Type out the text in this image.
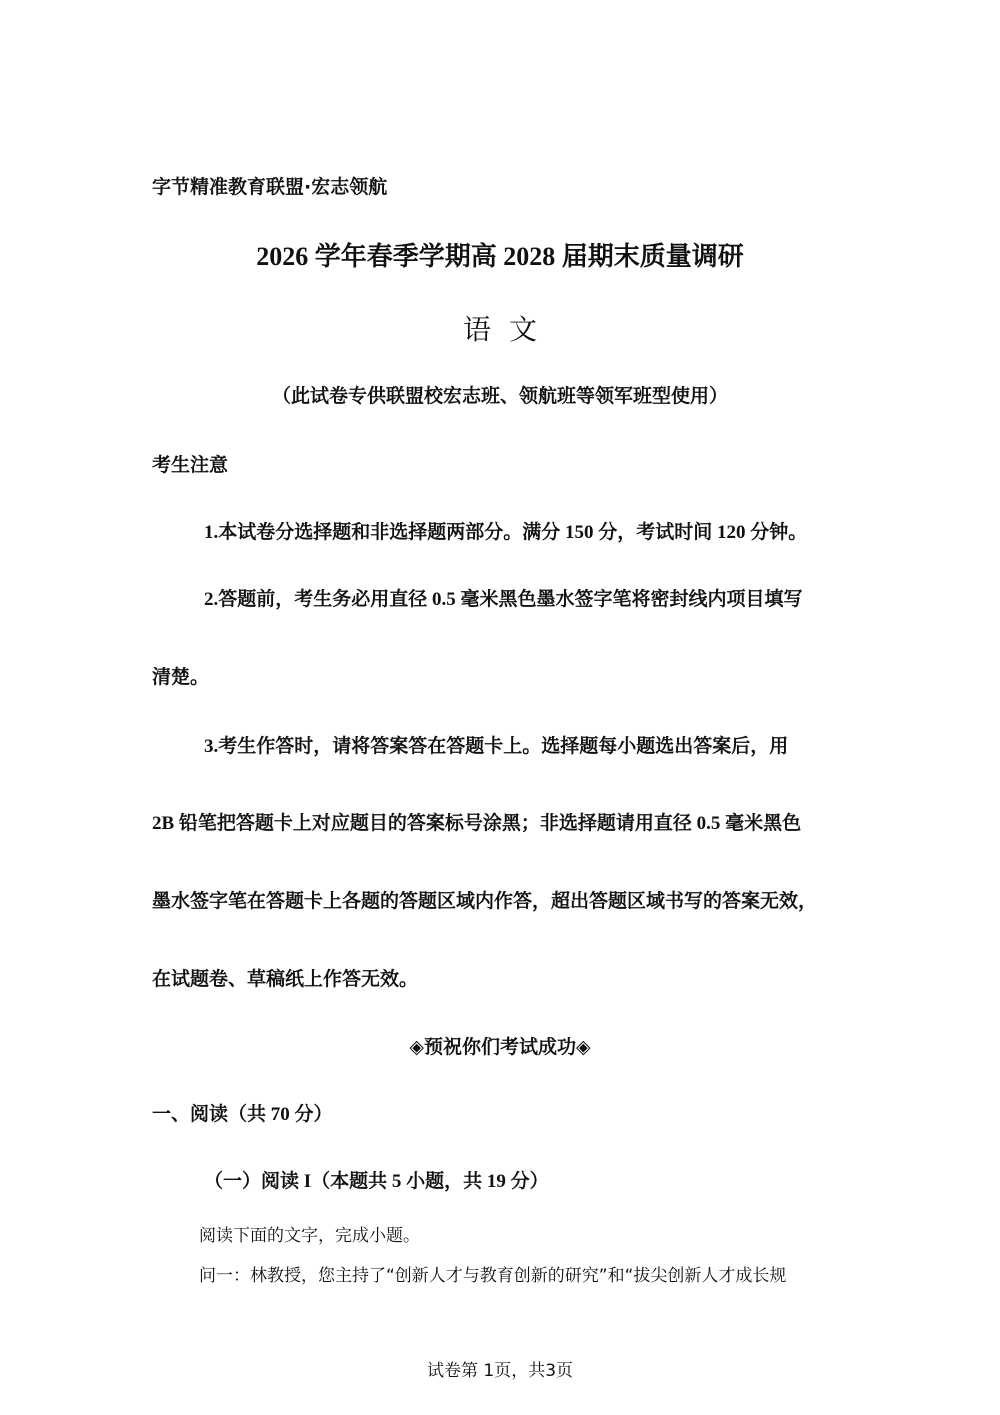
字节精准教育联盟·宏志领航
2026 学年春季学期高 2028 届期末质量调研
语文
（此试卷专供联盟校宏志班、领航班等领军班型使用）
考生注意
1.本试卷分选择题和非选择题两部分。满分 150 分，考试时间 120 分钟。
2.答题前，考生务必用直径 0.5 毫米黑色墨水签字笔将密封线内项目填写
清楚。
3.考生作答时，请将答案答在答题卡上。选择题每小题选出答案后，用
2B 铅笔把答题卡上对应题目的答案标号涂黑；非选择题请用直径 0.5 毫米黑色
墨水签字笔在答题卡上各题的答题区域内作答，超出答题区域书写的答案无效，
在试题卷、草稿纸上作答无效。
◈预祝你们考试成功◈
一、阅读（共 70 分）
（一）阅读 I（本题共 5 小题，共 19 分）
阅读下面的文字，完成小题。
问一：林教授，您主持了“创新人才与教育创新的研究”和“拔尖创新人才成长规
试卷第 1页，共3页
